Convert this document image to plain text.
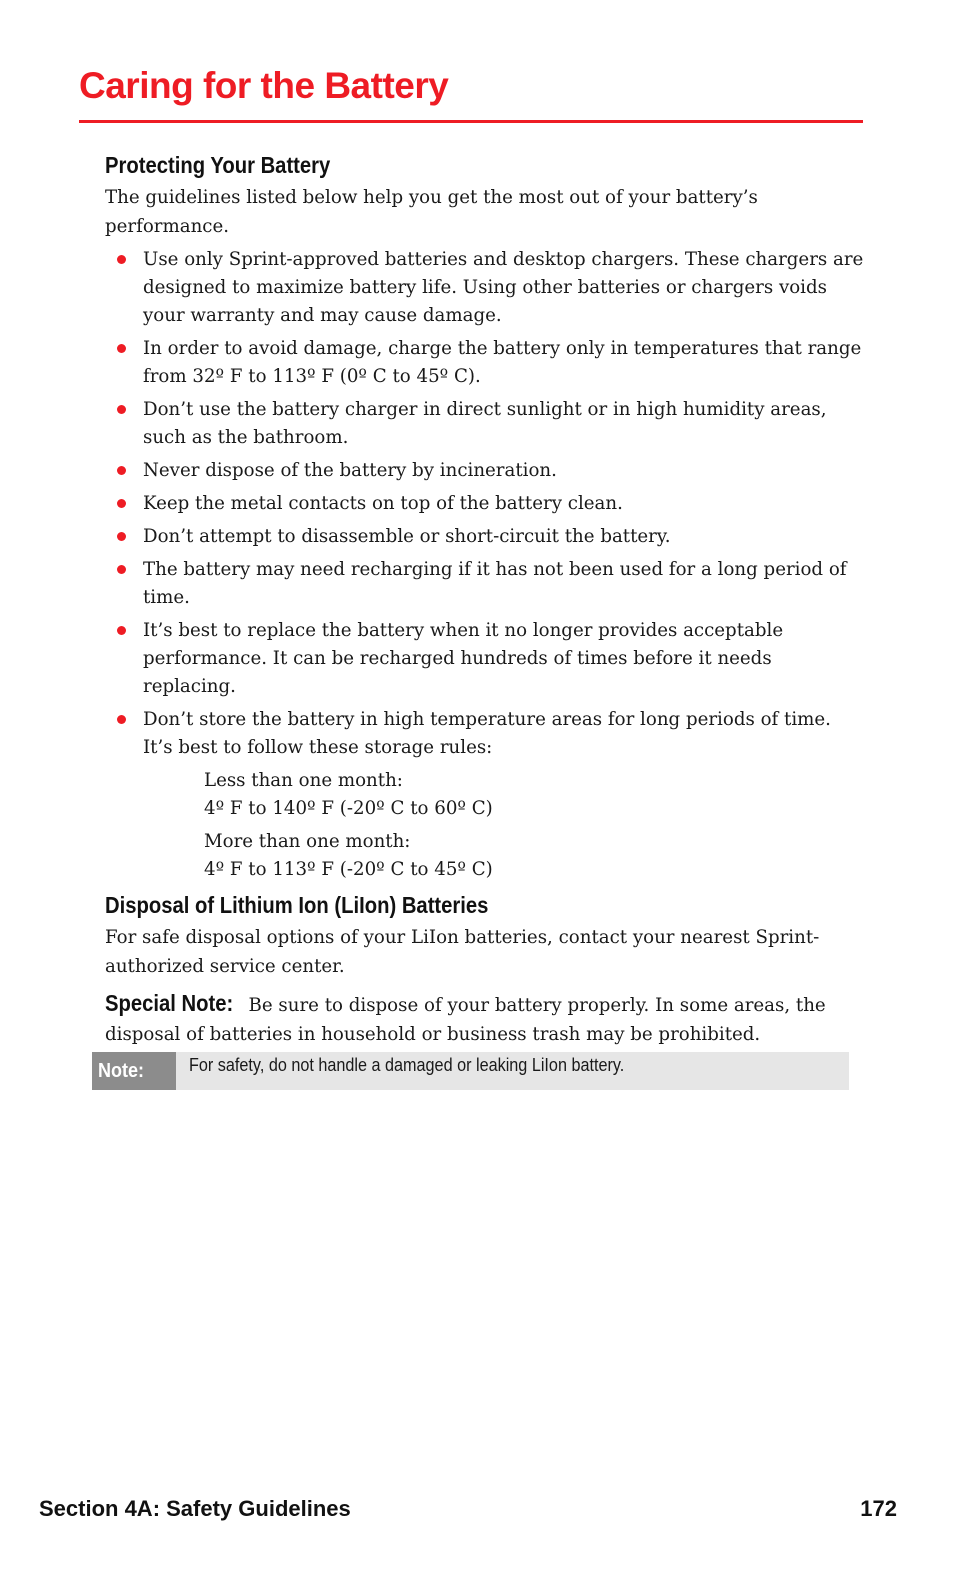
Caring for the Battery
Protecting Your Battery

The guidelines listed below help you get the most out of your battery’s performance.

Use only Sprint-approved batteries and desktop chargers. These chargers are designed to maximize battery life. Using other batteries or chargers voids your warranty and may cause damage.
In order to avoid damage, charge the battery only in temperatures that range from 32º F to 113º F (0º C to 45º C).
Don’t use the battery charger in direct sunlight or in high humidity areas, such as the bathroom.
Never dispose of the battery by incineration.
Keep the metal contacts on top of the battery clean.
Don’t attempt to disassemble or short-circuit the battery.
The battery may need recharging if it has not been used for a long period of time.
It’s best to replace the battery when it no longer provides acceptable performance. It can be recharged hundreds of times before it needs replacing.
Don’t store the battery in high temperature areas for long periods of time. It’s best to follow these storage rules:
Less than one month:
4º F to 140º F (-20º C to 60º C)
More than one month:
4º F to 113º F (-20º C to 45º C)
Disposal of Lithium Ion (LiIon) Batteries

For safe disposal options of your LiIon batteries, contact your nearest Sprint-authorized service center.

Special Note: Be sure to dispose of your battery properly. In some areas, the disposal of batteries in household or business trash may be prohibited.

Note:	For safety, do not handle a damaged or leaking LiIon battery.
Section 4A: Safety Guidelines	172
